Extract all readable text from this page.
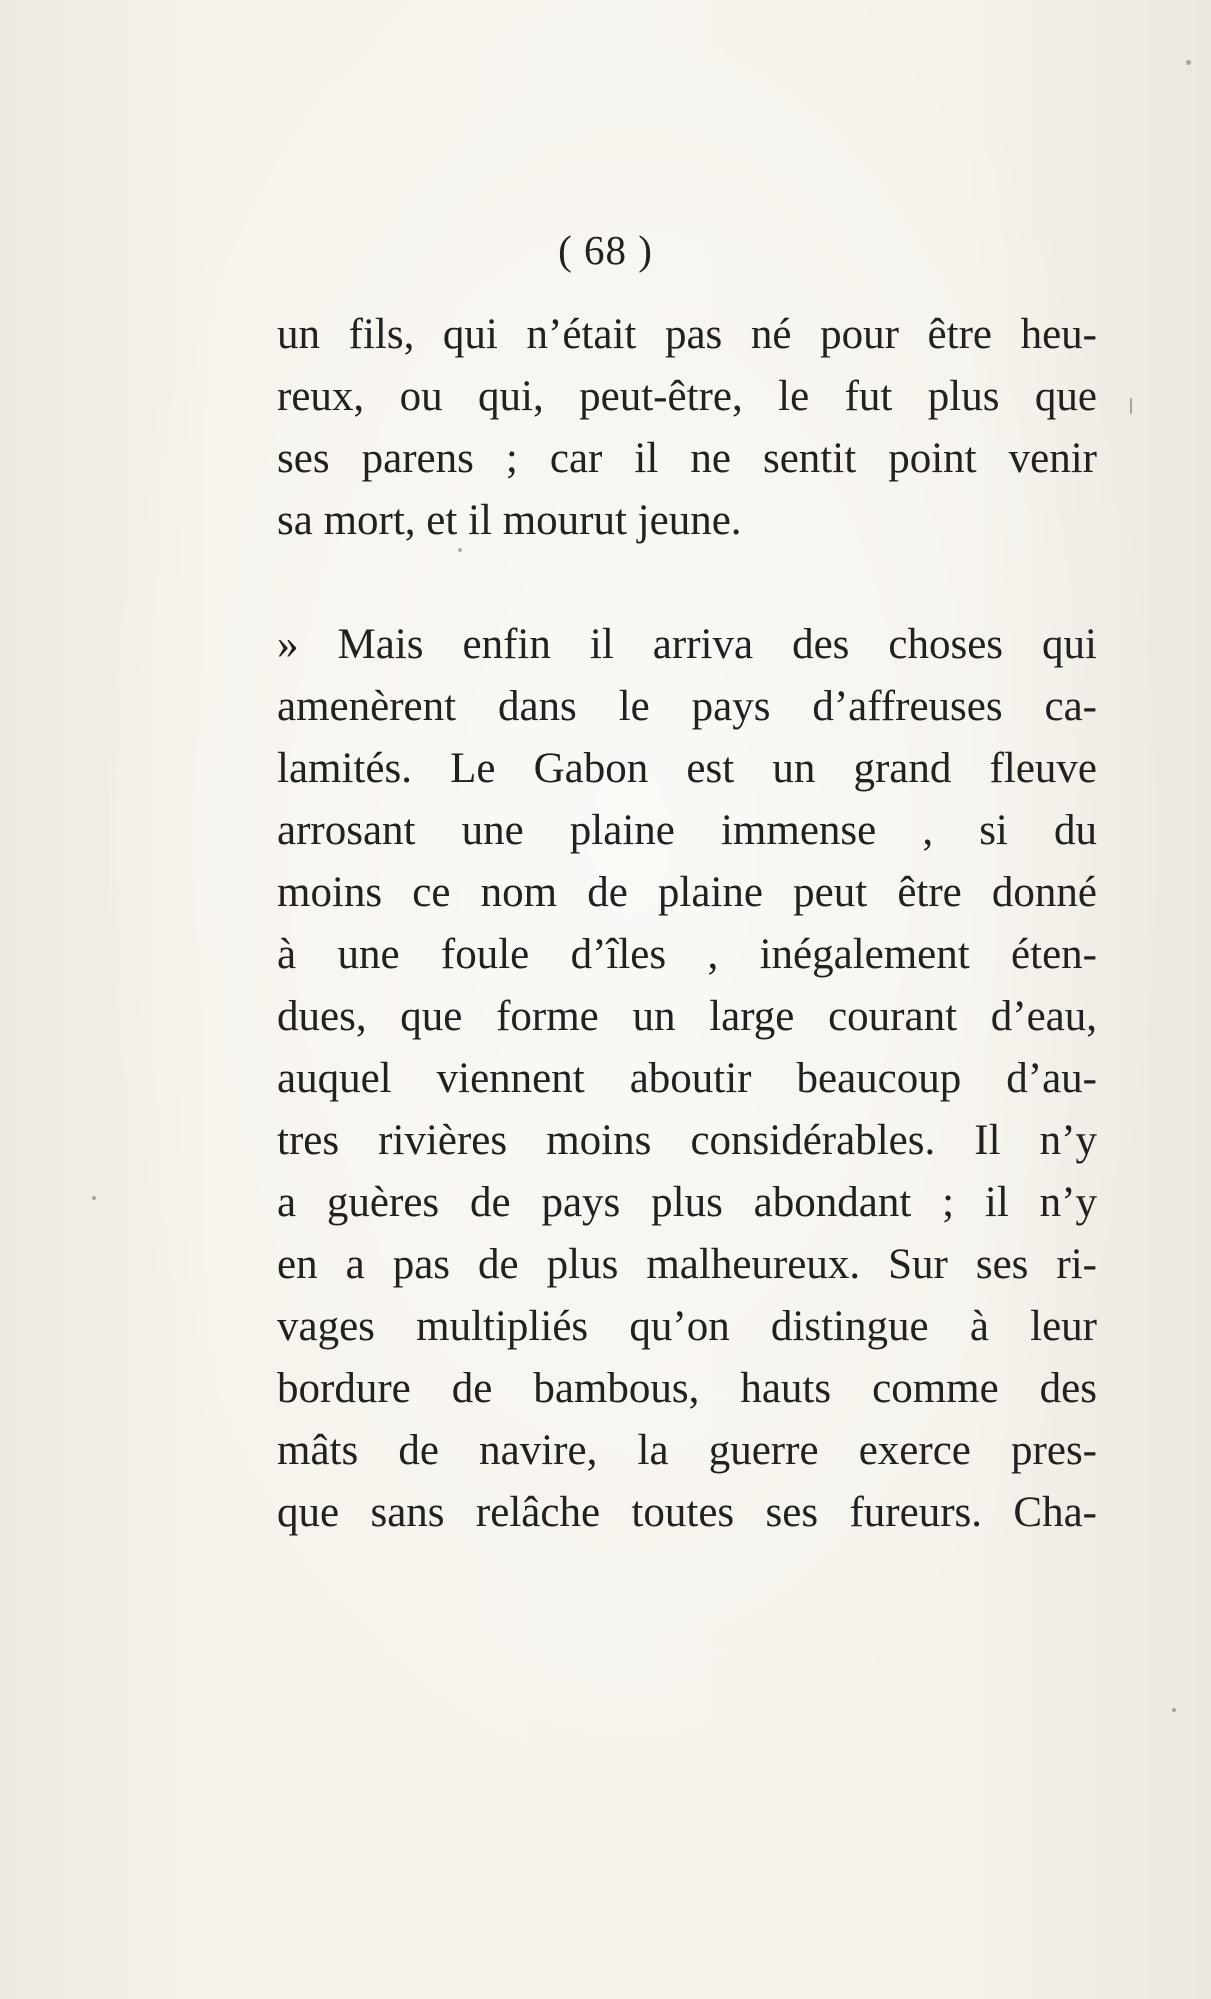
( 68 )
un fils, qui n’était pas né pour être heu-
reux, ou qui, peut-être, le fut plus que
ses parens ; car il ne sentit point venir
sa mort, et il mourut jeune.
» Mais enfin il arriva des choses qui
amenèrent dans le pays d’affreuses ca-
lamités. Le Gabon est un grand fleuve
arrosant une plaine immense , si du
moins ce nom de plaine peut être donné
à une foule d’îles , inégalement éten-
dues, que forme un large courant d’eau,
auquel viennent aboutir beaucoup d’au-
tres rivières moins considérables. Il n’y
a guères de pays plus abondant ; il n’y
en a pas de plus malheureux. Sur ses ri-
vages multipliés qu’on distingue à leur
bordure de bambous, hauts comme des
mâts de navire, la guerre exerce pres-
que sans relâche toutes ses fureurs. Cha-
